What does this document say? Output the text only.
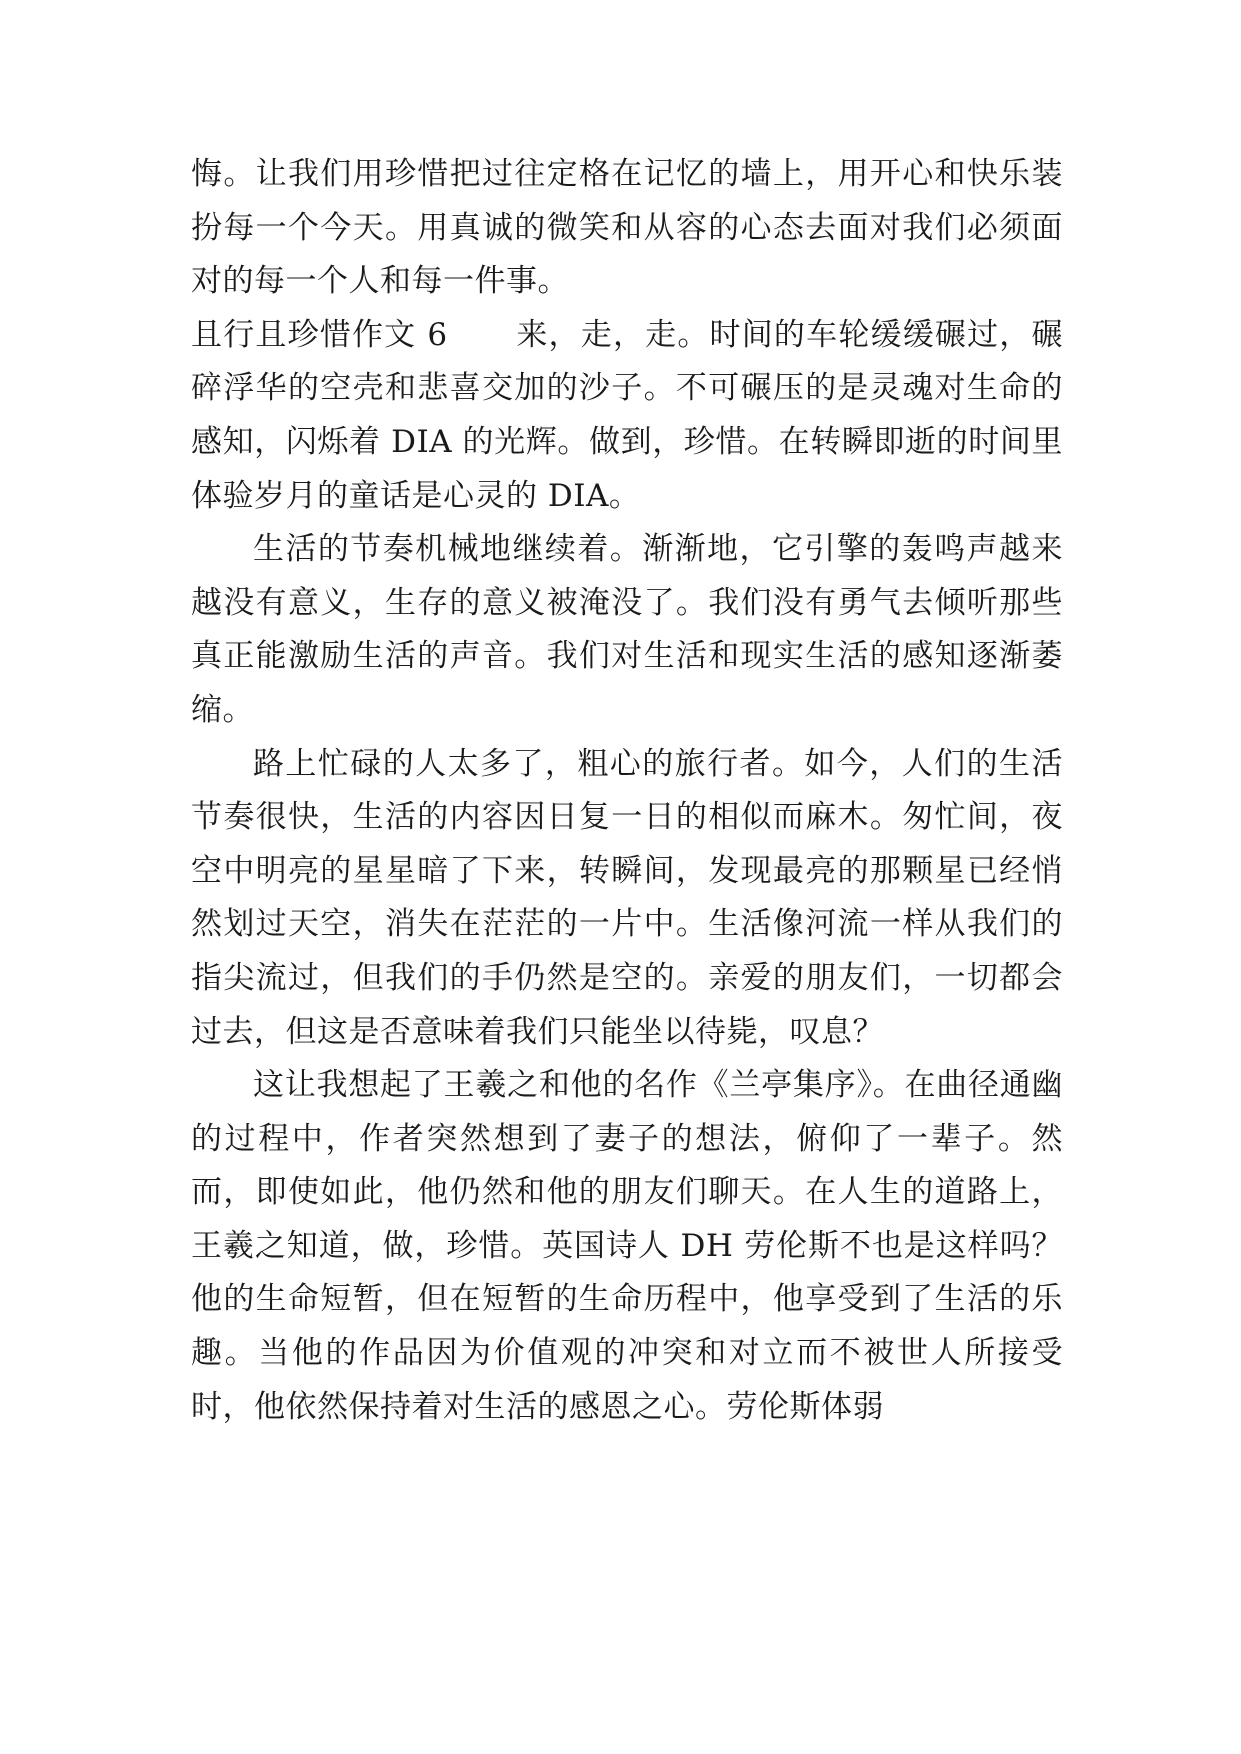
悔。让我们用珍惜把过往定格在记忆的墙上，用开心和快乐装扮每一个今天。用真诚的微笑和从容的心态去面对我们必须面对的每一个人和每一件事。

且行且珍惜作文 6 来，走，走。时间的车轮缓缓碾过，碾碎浮华的空壳和悲喜交加的沙子。不可碾压的是灵魂对生命的感知，闪烁着 DIA 的光辉。做到，珍惜。在转瞬即逝的时间里体验岁月的童话是心灵的 DIA。

生活的节奏机械地继续着。渐渐地，它引擎的轰鸣声越来越没有意义，生存的意义被淹没了。我们没有勇气去倾听那些真正能激励生活的声音。我们对生活和现实生活的感知逐渐萎缩。

路上忙碌的人太多了，粗心的旅行者。如今，人们的生活节奏很快，生活的内容因日复一日的相似而麻木。匆忙间，夜空中明亮的星星暗了下来，转瞬间，发现最亮的那颗星已经悄然划过天空，消失在茫茫的一片中。生活像河流一样从我们的指尖流过，但我们的手仍然是空的。亲爱的朋友们，一切都会过去，但这是否意味着我们只能坐以待毙，叹息？

这让我想起了王羲之和他的名作《兰亭集序》。在曲径通幽的过程中，作者突然想到了妻子的想法，俯仰了一辈子。然而，即使如此，他仍然和他的朋友们聊天。在人生的道路上，王羲之知道，做，珍惜。英国诗人 DH 劳伦斯不也是这样吗？他的生命短暂，但在短暂的生命历程中，他享受到了生活的乐趣。当他的作品因为价值观的冲突和对立而不被世人所接受时，他依然保持着对生活的感恩之心。劳伦斯体弱
